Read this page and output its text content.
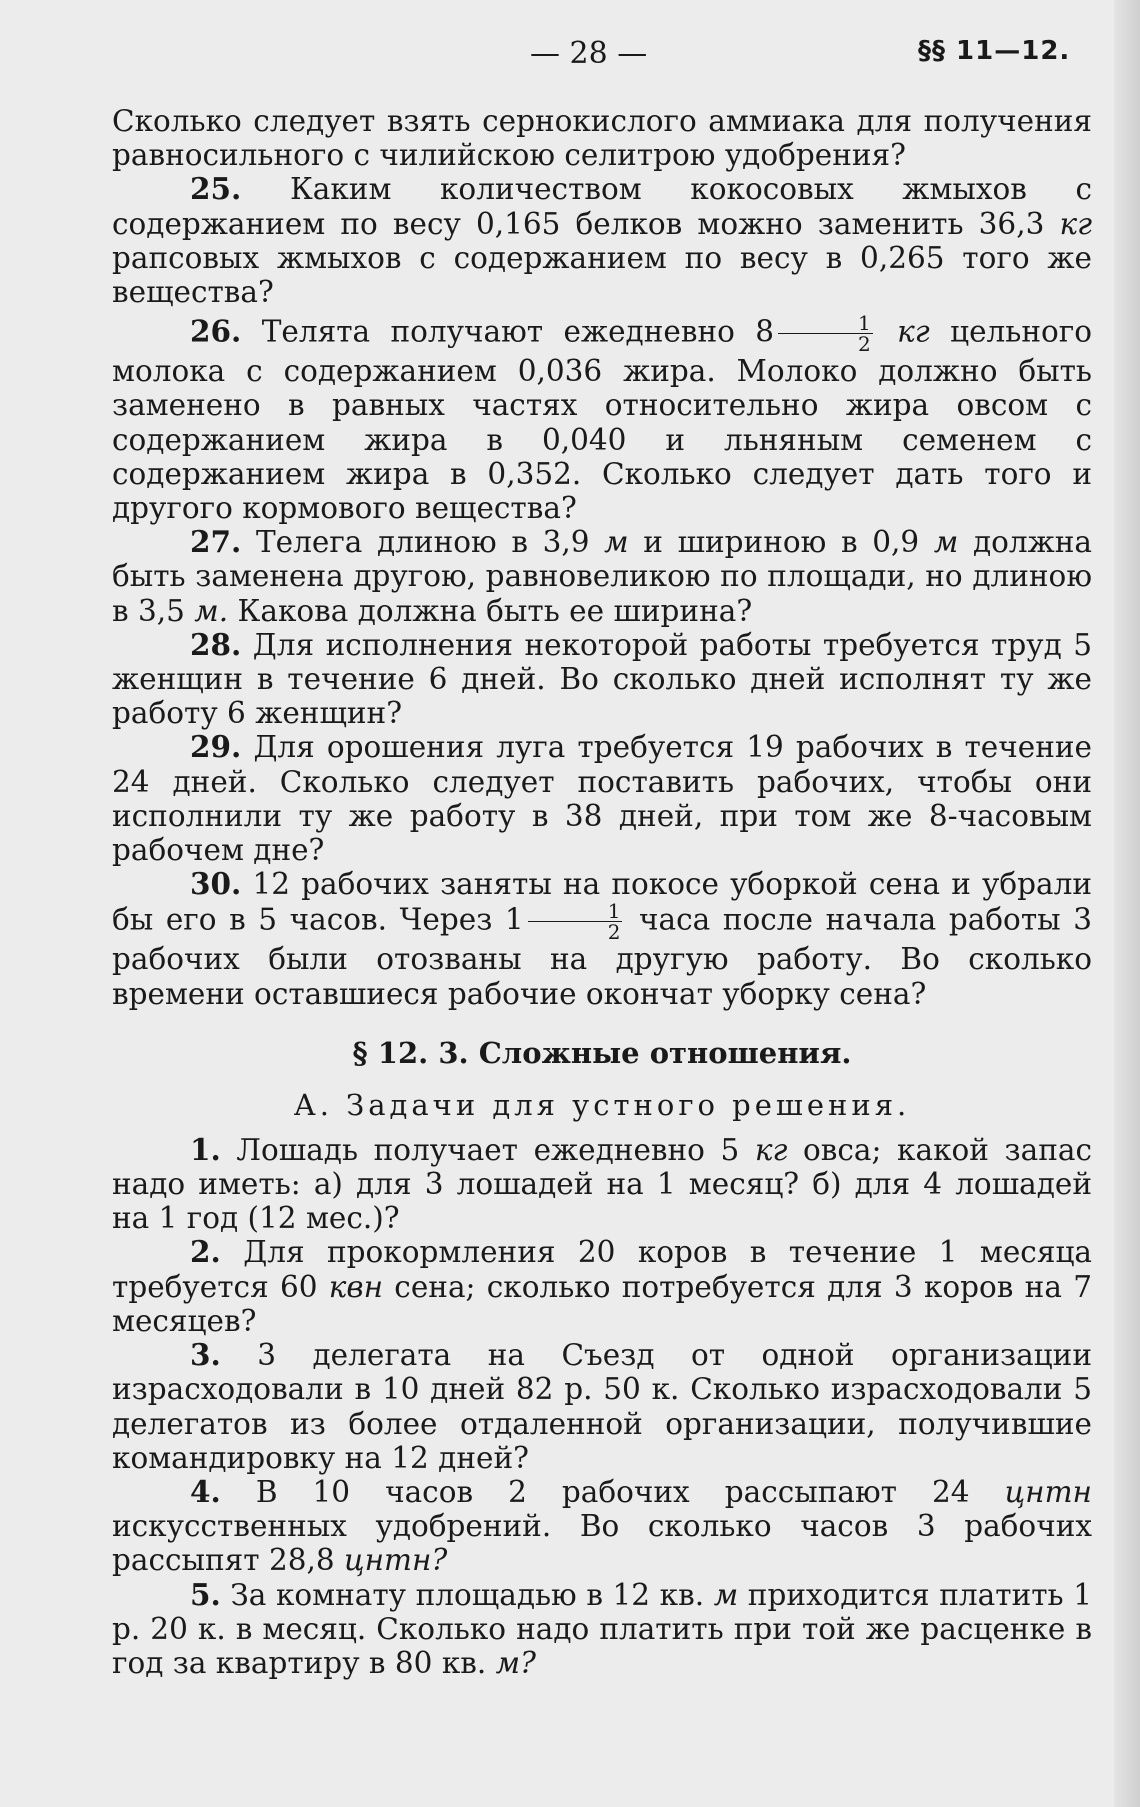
— 28 —	§§ 11—12.

Сколько следует взять сернокислого аммиака для получения равносильного с чилийскою селитрою удобрения?

25. Каким количеством кокосовых жмыхов с содержанием по весу 0,165 белков можно заменить 36,3 кг рапсовых жмыхов с содержанием по весу в 0,265 того же вещества?

26. Телята получают ежедневно $8 \frac{1}{2}$ кг цельного молока с содержанием 0,036 жира. Молоко должно быть заменено в равных частях относительно жира овсом с содержанием жира в 0,040 и льняным семенем с содержанием жира в 0,352. Сколько следует дать того и другого кормового вещества?

27. Телега длиною в 3,9 м и шириною в 0,9 м должна быть заменена другою, равновеликою по площади, но длиною в 3,5 м. Какова должна быть ее ширина?

28. Для исполнения некоторой работы требуется труд 5 женщин в течение 6 дней. Во сколько дней исполнят ту же работу 6 женщин?

29. Для орошения луга требуется 19 рабочих в течение 24 дней. Сколько следует поставить рабочих, чтобы они исполнили ту же работу в 38 дней, при том же 8-часовым рабочем дне?

30. 12 рабочих заняты на покосе уборкой сена и убрали бы его в 5 часов. Через $1 \frac{1}{2}$ часа после начала работы 3 рабочих были отозваны на другую работу. Во сколько времени оставшиеся рабочие окончат уборку сена?

§ 12. 3. Сложные отношения.
А. Задачи для устного решения.

1. Лошадь получает ежедневно 5 кг овса; какой запас надо иметь: а) для 3 лошадей на 1 месяц? б) для 4 лошадей на 1 год (12 мес.)?

2. Для прокормления 20 коров в течение 1 месяца требуется 60 квн сена; сколько потребуется для 3 коров на 7 месяцев?

3. 3 делегата на Съезд от одной организации израсходовали в 10 дней 82 р. 50 к. Сколько израсходовали 5 делегатов из более отдаленной организации, получившие командировку на 12 дней?

4. В 10 часов 2 рабочих рассыпают 24 цнтн искусственных удобрений. Во сколько часов 3 рабочих рассыпят 28,8 цнтн?

5. За комнату площадью в 12 кв. м приходится платить 1 р. 20 к. в месяц. Сколько надо платить при той же расценке в год за квартиру в 80 кв. м?
